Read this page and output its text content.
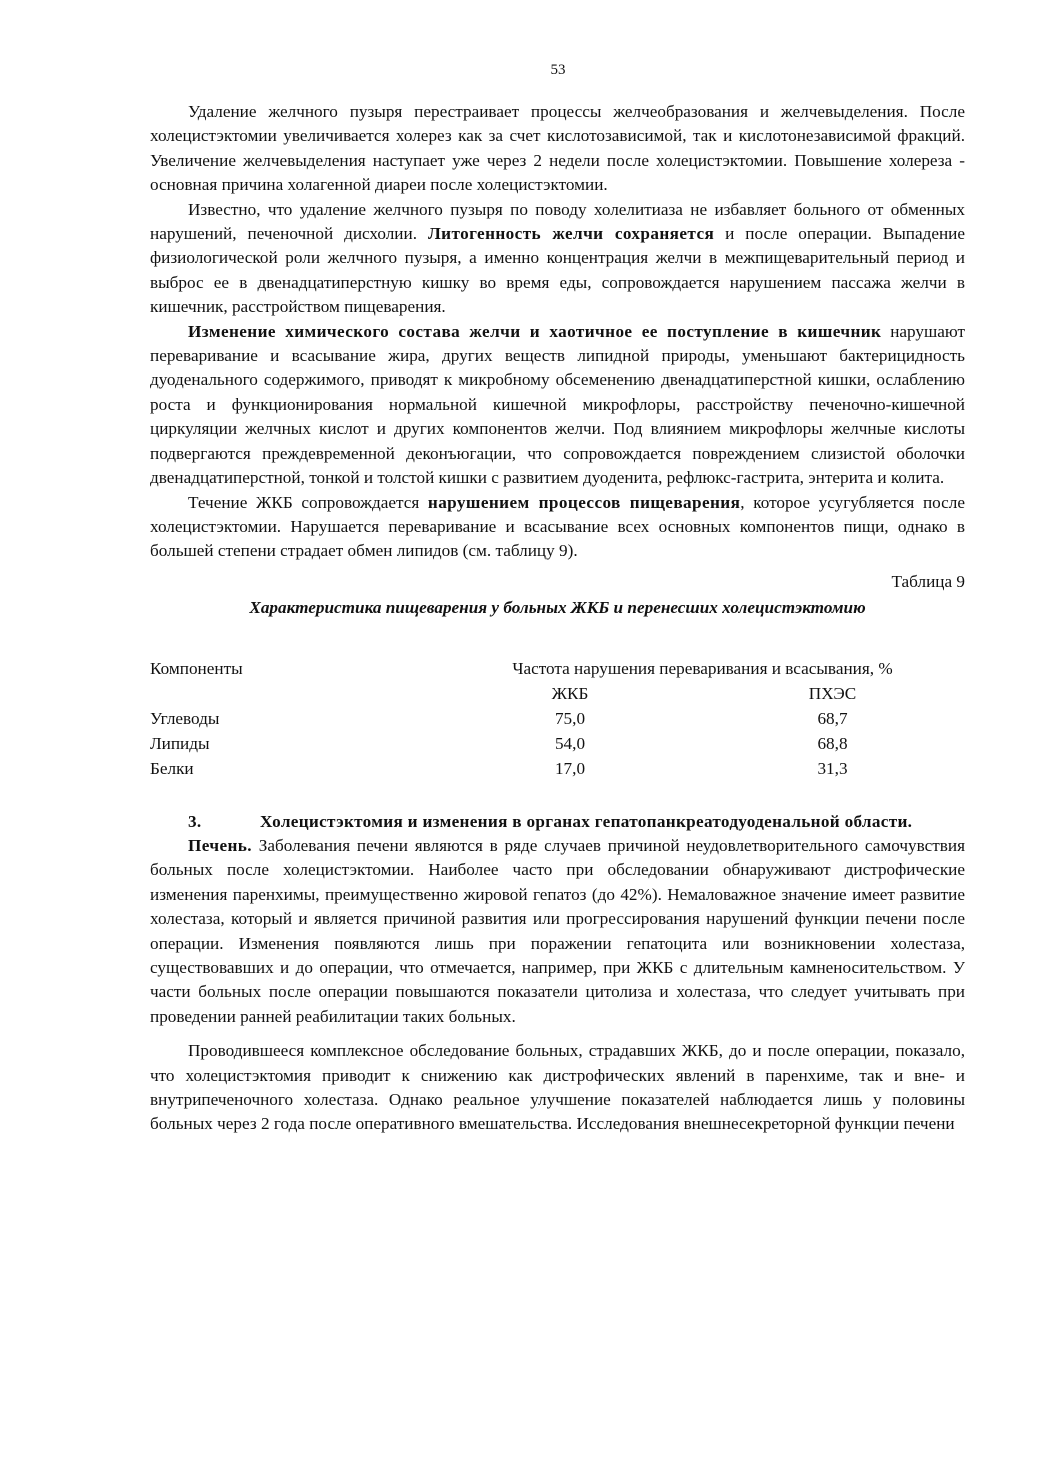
53

Удаление желчного пузыря перестраивает процессы желчеобразования и желчевыделения. После холецистэктомии увеличивается холерез как за счет кислотозависимой, так и кислотонезависимой фракций. Увеличение желчевыделения наступает уже через 2 недели после холецистэктомии. Повышение холереза - основная причина холагенной диареи после холецистэктомии.

Известно, что удаление желчного пузыря по поводу холелитиаза не избавляет больного от обменных нарушений, печеночной дисхолии. Литогенность желчи сохраняется и после операции. Выпадение физиологической роли желчного пузыря, а именно концентрация желчи в межпищеварительный период и выброс ее в двенадцатиперстную кишку во время еды, сопровождается нарушением пассажа желчи в кишечник, расстройством пищеварения.

Изменение химического состава желчи и хаотичное ее поступление в кишечник нарушают переваривание и всасывание жира, других веществ липидной природы, уменьшают бактерицидность дуоденального содержимого, приводят к микробному обсеменению двенадцатиперстной кишки, ослаблению роста и функционирования нормальной кишечной микрофлоры, расстройству печеночно-кишечной циркуляции желчных кислот и других компонентов желчи. Под влиянием микрофлоры желчные кислоты подвергаются преждевременной деконъюгации, что сопровождается повреждением слизистой оболочки двенадцатиперстной, тонкой и толстой кишки с развитием дуоденита, рефлюкс-гастрита, энтерита и колита.

Течение ЖКБ сопровождается нарушением процессов пищеварения, которое усугубляется после холецистэктомии. Нарушается переваривание и всасывание всех основных компонентов пищи, однако в большей степени страдает обмен липидов (см. таблицу 9).

Таблица 9
Характеристика пищеварения у больных ЖКБ и перенесших холецистэктомию
Компоненты	Частота нарушения переваривания и всасывания, %	
	ЖКБ	ПХЭС
Углеводы	75,0	68,7
Липиды	54,0	68,8
Белки	17,0	31,3
3.	Холецистэктомия и изменения в органах гепатопанкреатодуоденальной области.

Печень. Заболевания печени являются в ряде случаев причиной неудовлетворительного самочувствия больных после холецистэктомии. Наиболее часто при обследовании обнаруживают дистрофические изменения паренхимы, преимущественно жировой гепатоз (до 42%). Немаловажное значение имеет развитие холестаза, который и является причиной развития или прогрессирования нарушений функции печени после операции. Изменения появляются лишь при поражении гепатоцита или возникновении холестаза, существовавших и до операции, что отмечается, например, при ЖКБ с длительным камненосительством. У части больных после операции повышаются показатели цитолиза и холестаза, что следует учитывать при проведении ранней реабилитации таких больных.

Проводившееся комплексное обследование больных, страдавших ЖКБ, до и после операции, показало, что холецистэктомия приводит к снижению как дистрофических явлений в паренхиме, так и вне- и внутрипеченочного холестаза. Однако реальное улучшение показателей наблюдается лишь у половины больных через 2 года после оперативного вмешательства. Исследования внешнесекреторной функции печени
